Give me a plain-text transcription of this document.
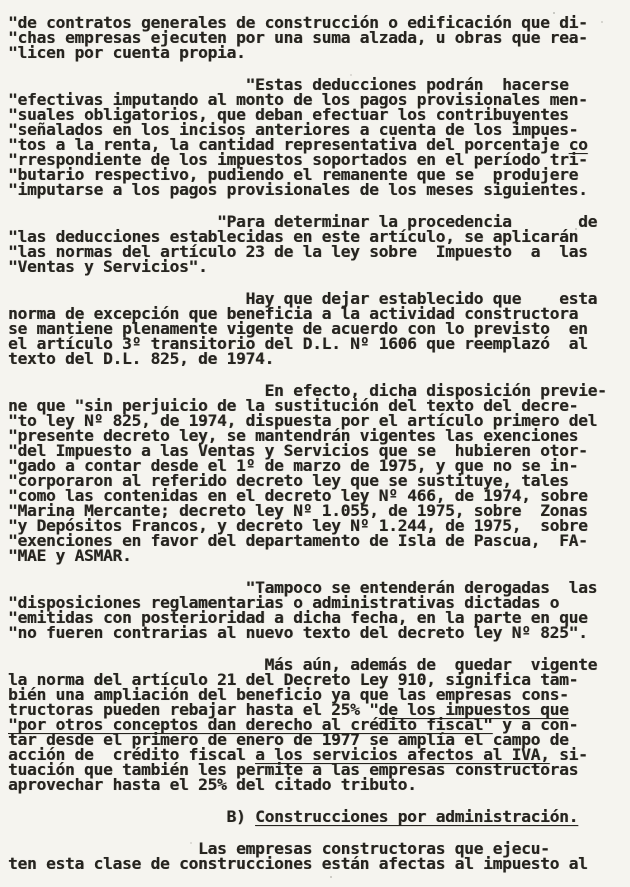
"de contratos generales de construcción o edificación que di-
"chas empresas ejecuten por una suma alzada, u obras que rea-
"licen por cuenta propia.
"Estas deducciones podrán  hacerse
"efectivas imputando al monto de los pagos provisionales men-
"suales obligatorios, que deban efectuar los contribuyentes
"señalados en los incisos anteriores a cuenta de los impues-
"tos a la renta, la cantidad representativa del porcentaje co
"rrespondiente de los impuestos soportados en el período tri-
"butario respectivo, pudiendo el remanente que se  produjere
"imputarse a los pagos provisionales de los meses siguientes.
"Para determinar la procedencia       de
"las deducciones establecidas en este artículo, se aplicarán
"las normas del artículo 23 de la ley sobre  Impuesto  a  las
"Ventas y Servicios".
Hay que dejar establecido que    esta
norma de excepción que beneficia a la actividad constructora
se mantiene plenamente vigente de acuerdo con lo previsto  en
el artículo 3º transitorio del D.L. Nº 1606 que reemplazó  al
texto del D.L. 825, de 1974.
En efecto, dicha disposición previe-
ne que "sin perjuicio de la sustitución del texto del decre-
"to ley Nº 825, de 1974, dispuesta por el artículo primero del
"presente decreto ley, se mantendrán vigentes las exenciones
"del Impuesto a las Ventas y Servicios que se  hubieren otor-
"gado a contar desde el 1º de marzo de 1975, y que no se in-
"corporaron al referido decreto ley que se sustituye, tales
"como las contenidas en el decreto ley Nº 466, de 1974, sobre
"Marina Mercante; decreto ley Nº 1.055, de 1975, sobre  Zonas
"y Depósitos Francos, y decreto ley Nº 1.244, de 1975,  sobre
"exenciones en favor del departamento de Isla de Pascua,  FA-
"MAE y ASMAR.
"Tampoco se entenderán derogadas  las
"disposiciones reglamentarias o administrativas dictadas o
"emitidas con posterioridad a dicha fecha, en la parte en que
"no fueren contrarias al nuevo texto del decreto ley Nº 825".
Más aún, además de  quedar  vigente
la norma del artículo 21 del Decreto Ley 910, significa tam-
bién una ampliación del beneficio ya que las empresas cons-
tructoras pueden rebajar hasta el 25% "de los impuestos que
"por otros conceptos dan derecho al crédito fiscal" y a con-
tar desde el primero de enero de 1977 se amplía el campo de
acción de  crédito fiscal a los servicios afectos al IVA, si-
tuación que también les permite a las empresas constructoras
aprovechar hasta el 25% del citado tributo.
B) Construcciones por administración.
Las empresas constructoras que ejecu-
ten esta clase de construcciones están afectas al impuesto al
